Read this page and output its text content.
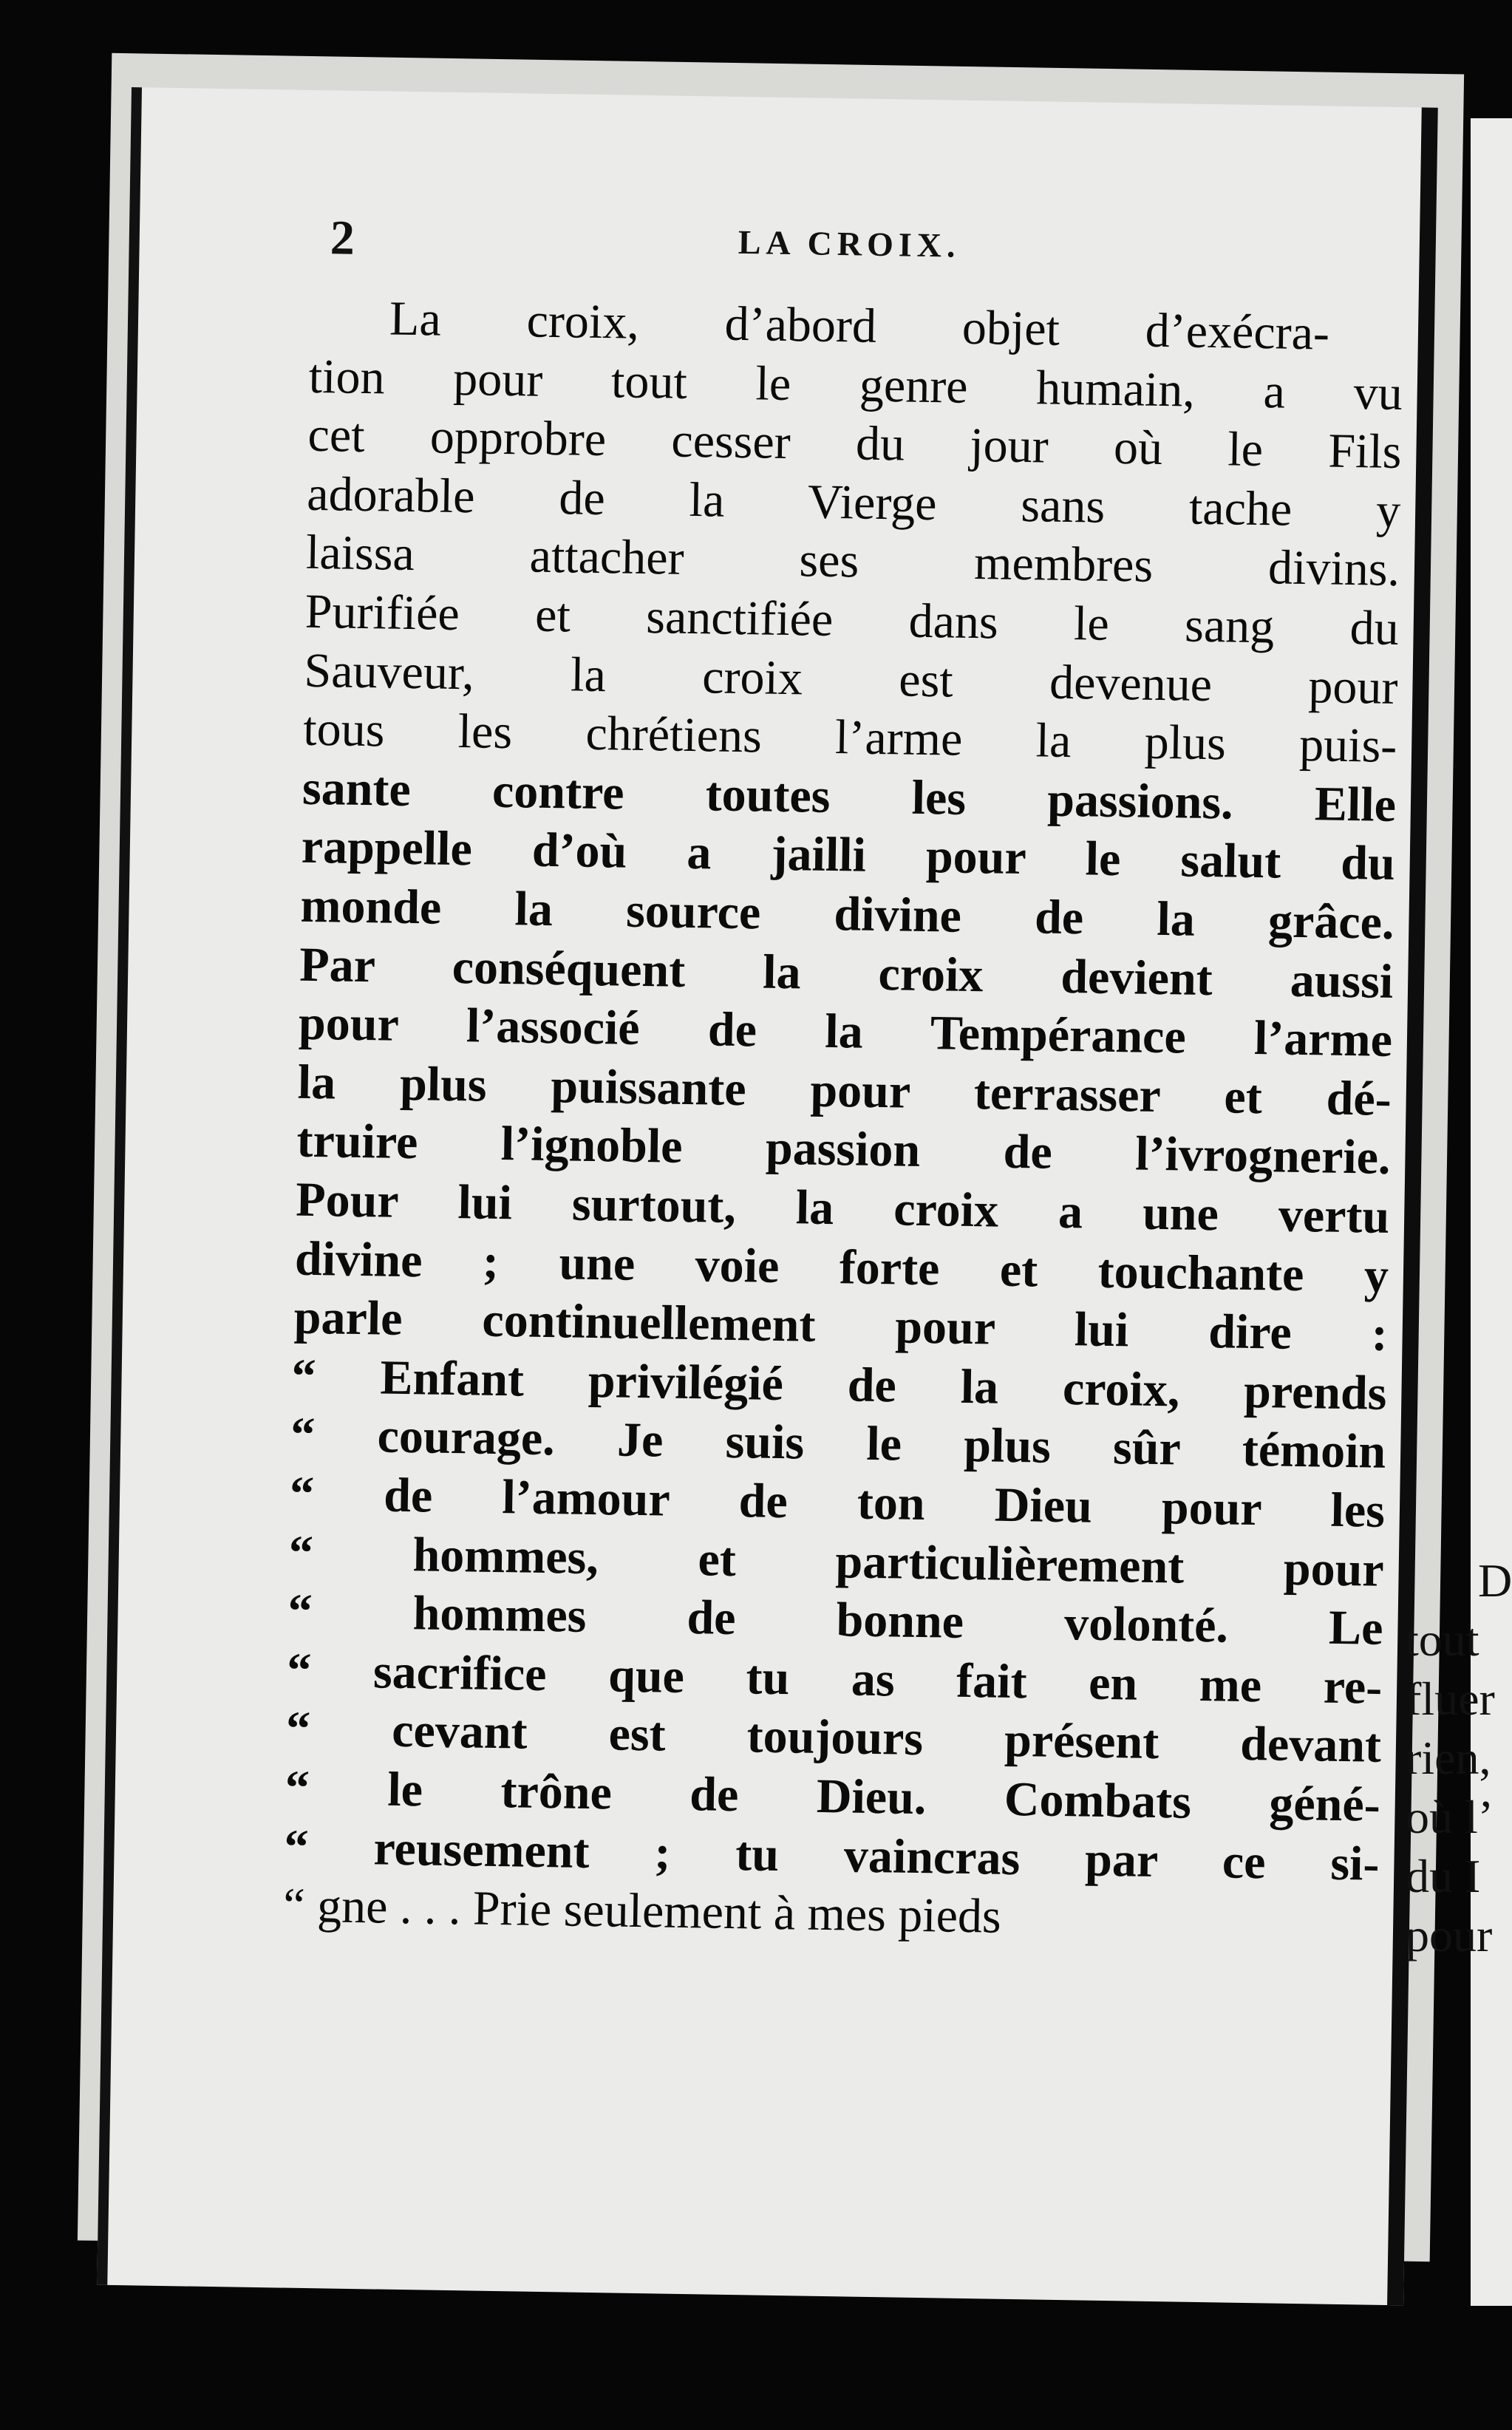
2	LA CROIX.
La croix, d’abord objet d’exécra-
tion pour tout le genre humain, a vu
cet opprobre cesser du jour où le Fils
adorable de la Vierge sans tache y
laissa attacher ses membres divins.
Purifiée et sanctifiée dans le sang du
Sauveur, la croix est devenue pour
tous les chrétiens l’arme la plus puis-
sante contre toutes les passions. Elle
rappelle d’où a jailli pour le salut du
monde la source divine de la grâce.
Par conséquent la croix devient aussi
pour l’associé de la Tempérance l’arme
la plus puissante pour terrasser et dé-
truire l’ignoble passion de l’ivrognerie.
Pour lui surtout, la croix a une vertu
divine ; une voie forte et touchante y
parle continuellement pour lui dire :
“ Enfant privilégié de la croix, prends
“ courage. Je suis le plus sûr témoin
“ de l’amour de ton Dieu pour les
“ hommes, et particulièrement pour
“ hommes de bonne volonté. Le
“ sacrifice que tu as fait en me re-
“ cevant est toujours présent devant
“ le trône de Dieu. Combats géné-
“ reusement ; tu vaincras par ce si-
“ gne . . . Prie seulement à mes pieds
D
tout
fluer
rien,
où l’
du I
pour
